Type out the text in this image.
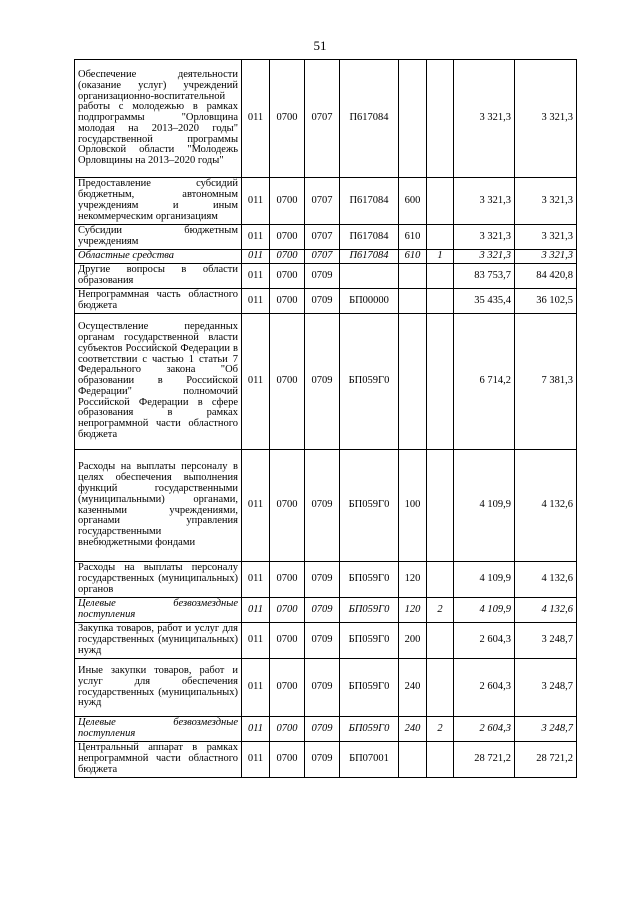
51
Обеспечение деятельности (оказание услуг) учреждений организационно-воспитательной работы с молодежью в рамках подпрограммы "Орловщина молодая на 2013–2020 годы" государственной программы Орловской области "Молодежь Орловщины на 2013–2020 годы"	011	0700	0707	П617084			3 321,3	3 321,3
Предоставление субсидий бюджетным, автономным учреждениям и иным некоммерческим организациям	011	0700	0707	П617084	600		3 321,3	3 321,3
Субсидии бюджетным учреждениям	011	0700	0707	П617084	610		3 321,3	3 321,3
Областные средства	011	0700	0707	П617084	610	1	3 321,3	3 321,3
Другие вопросы в области образования	011	0700	0709				83 753,7	84 420,8
Непрограммная часть областного бюджета	011	0700	0709	БП00000			35 435,4	36 102,5
Осуществление переданных органам государственной власти субъектов Российской Федерации в соответствии с частью 1 статьи 7 Федерального закона "Об образовании в Российской Федерации" полномочий Российской Федерации в сфере образования в рамках непрограммной части областного бюджета	011	0700	0709	БП059Г0			6 714,2	7 381,3
Расходы на выплаты персоналу в целях обеспечения выполнения функций государственными (муниципальными) органами, казенными учреждениями, органами управления государственными внебюджетными фондами	011	0700	0709	БП059Г0	100		4 109,9	4 132,6
Расходы на выплаты персоналу государственных (муниципальных) органов	011	0700	0709	БП059Г0	120		4 109,9	4 132,6
Целевые безвозмездные поступления	011	0700	0709	БП059Г0	120	2	4 109,9	4 132,6
Закупка товаров, работ и услуг для государственных (муниципальных) нужд	011	0700	0709	БП059Г0	200		2 604,3	3 248,7
Иные закупки товаров, работ и услуг для обеспечения государственных (муниципальных) нужд	011	0700	0709	БП059Г0	240		2 604,3	3 248,7
Целевые безвозмездные поступления	011	0700	0709	БП059Г0	240	2	2 604,3	3 248,7
Центральный аппарат в рамках непрограммной части областного бюджета	011	0700	0709	БП07001			28 721,2	28 721,2
